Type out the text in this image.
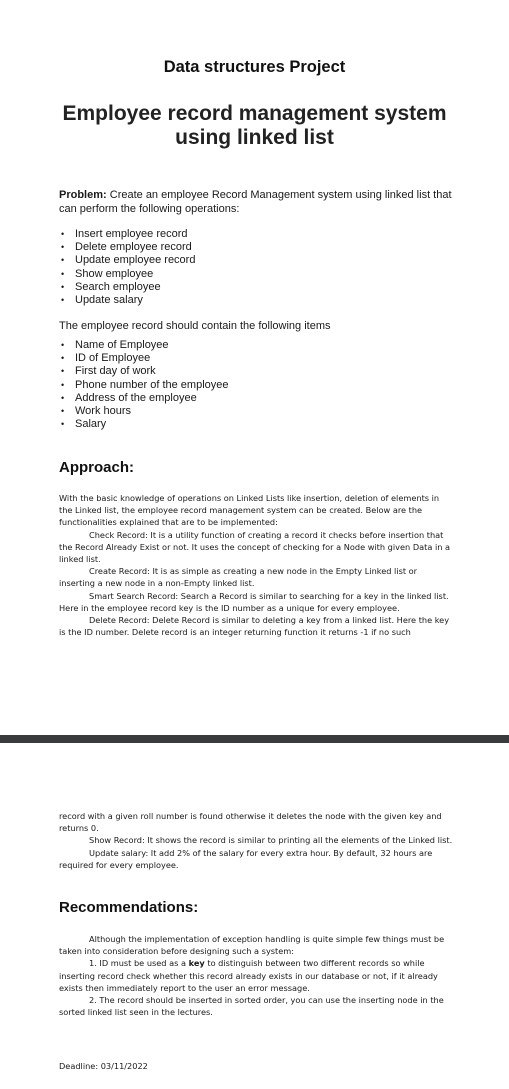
Data structures Project
Employee record management system using linked list
Problem: Create an employee Record Management system using linked list that can perform the following operations:
• Insert employee record
• Delete employee record
• Update employee record
• Show employee
• Search employee
• Update salary
The employee record should contain the following items
• Name of Employee
• ID of Employee
• First day of work
• Phone number of the employee
• Address of the employee
• Work hours
• Salary
Approach:

With the basic knowledge of operations on Linked Lists like insertion, deletion of elements in the Linked list, the employee record management system can be created. Below are the functionalities explained that are to be implemented:

Check Record: It is a utility function of creating a record it checks before insertion that the Record Already Exist or not. It uses the concept of checking for a Node with given Data in a linked list.

Create Record: It is as simple as creating a new node in the Empty Linked list or inserting a new node in a non-Empty linked list.

Smart Search Record: Search a Record is similar to searching for a key in the linked list. Here in the employee record key is the ID number as a unique for every employee.

Delete Record: Delete Record is similar to deleting a key from a linked list. Here the key is the ID number. Delete record is an integer returning function it returns -1 if no such

record with a given roll number is found otherwise it deletes the node with the given key and returns 0.

Show Record: It shows the record is similar to printing all the elements of the Linked list.

Update salary: It add 2% of the salary for every extra hour. By default, 32 hours are required for every employee.

Recommendations:

Although the implementation of exception handling is quite simple few things must be taken into consideration before designing such a system:

1. ID must be used as a key to distinguish between two different records so while inserting record check whether this record already exists in our database or not, if it already exists then immediately report to the user an error message.

2. The record should be inserted in sorted order, you can use the inserting node in the sorted linked list seen in the lectures.

Deadline: 03/11/2022
